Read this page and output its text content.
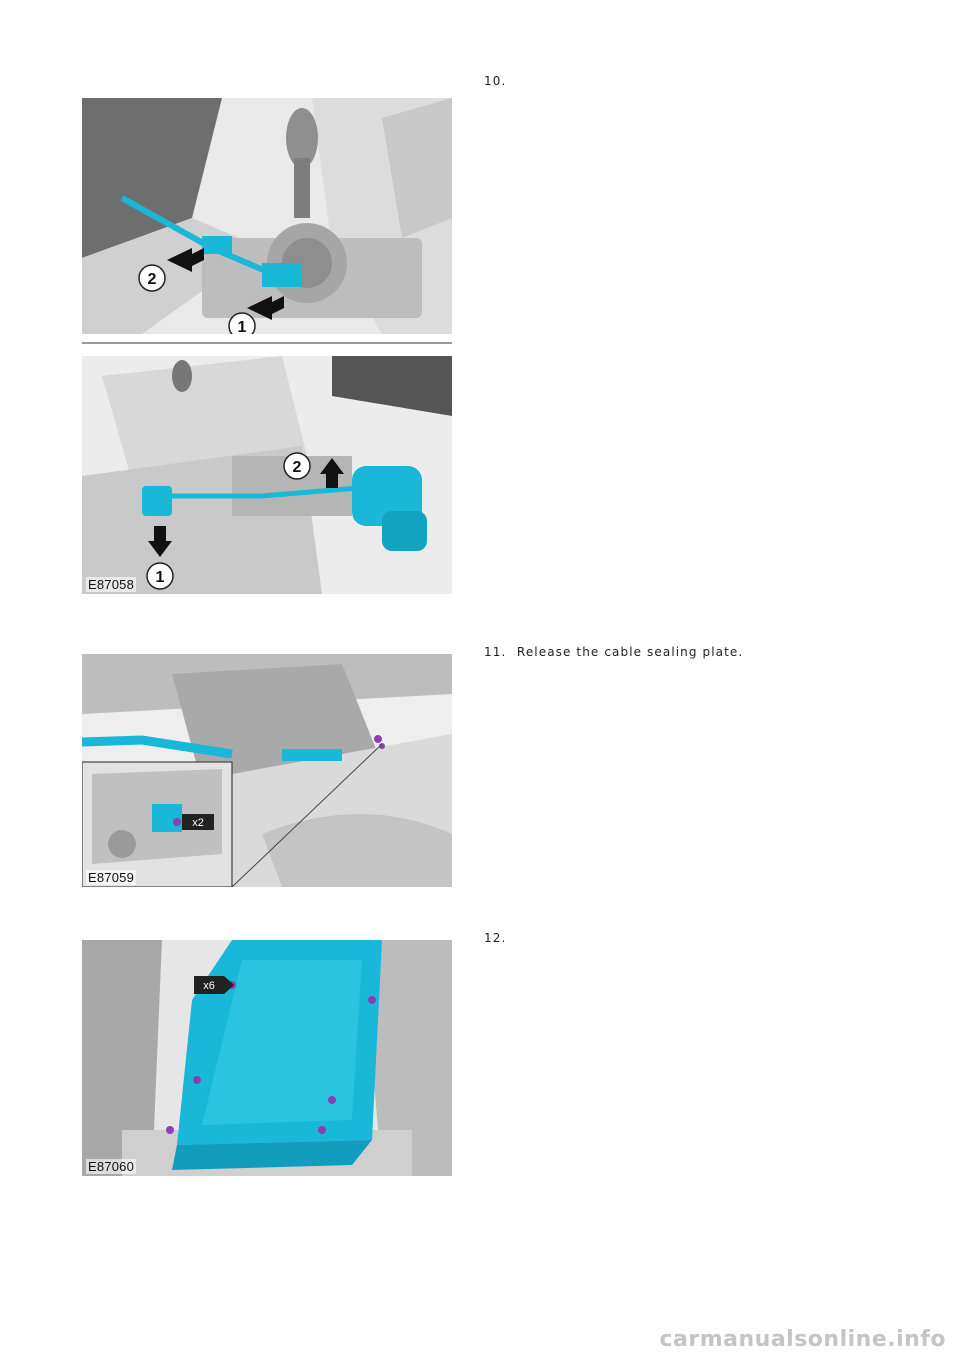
10.
2
1
2
1
E87058
11. Release the cable sealing plate.
x2
E87059
12.
x6
E87060
carmanualsonline.info
